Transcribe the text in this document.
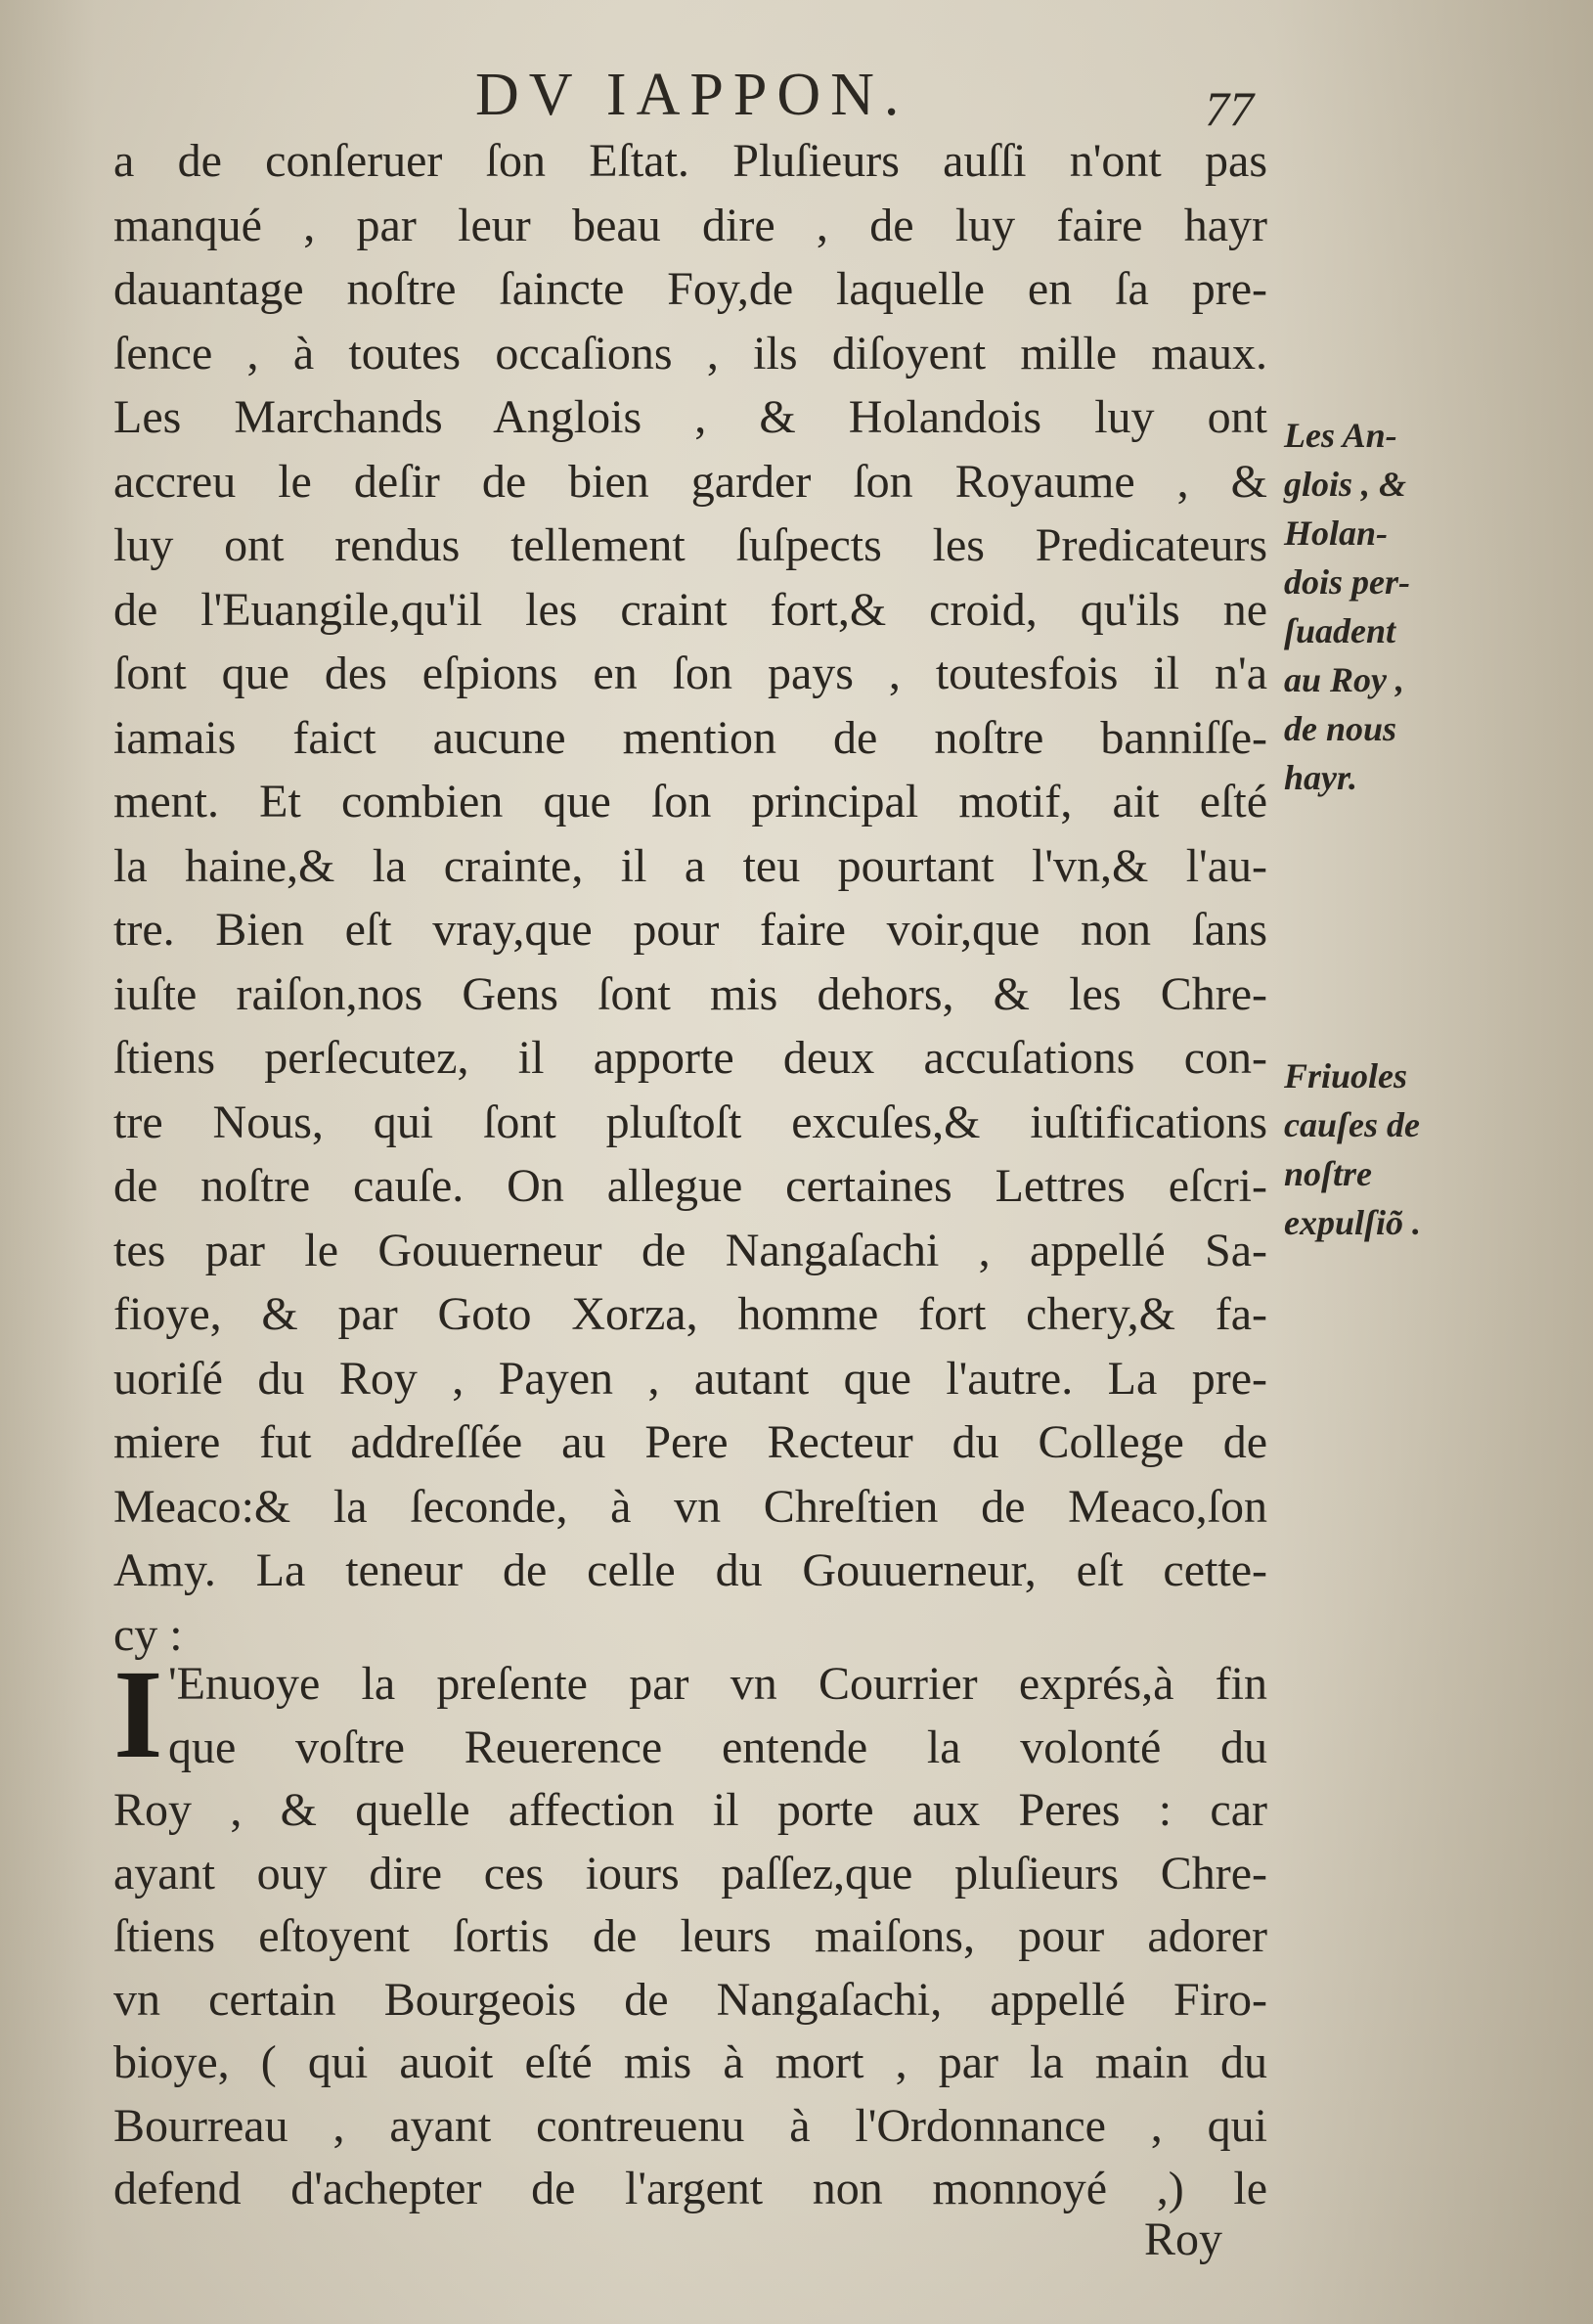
DV IAPPON.	77
a de conſeruer ſon Eſtat. Pluſieurs auſſi n'ont pas
manqué , par leur beau dire , de luy faire hayr
dauantage noſtre ſaincte Foy,de laquelle en ſa pre-
ſence , à toutes occaſions , ils diſoyent mille maux.
Les Marchands Anglois , & Holandois luy ont
accreu le deſir de bien garder ſon Royaume , &
luy ont rendus tellement ſuſpects les Predicateurs
de l'Euangile,qu'il les craint fort,& croid, qu'ils ne
ſont que des eſpions en ſon pays , toutesfois il n'a
iamais faict aucune mention de noſtre banniſſe-
ment. Et combien que ſon principal motif, ait eſté
la haine,& la crainte, il a teu pourtant l'vn,& l'au-
tre. Bien eſt vray,que pour faire voir,que non ſans
iuſte raiſon,nos Gens ſont mis dehors, & les Chre-
ſtiens perſecutez, il apporte deux accuſations con-
tre Nous, qui ſont pluſtoſt excuſes,& iuſtifications
de noſtre cauſe. On allegue certaines Lettres eſcri-
tes par le Gouuerneur de Nangaſachi , appellé Sa-
fioye, & par Goto Xorza, homme fort chery,& fa-
uoriſé du Roy , Payen , autant que l'autre. La pre-
miere fut addreſſée au Pere Recteur du College de
Meaco:& la ſeconde, à vn Chreſtien de Meaco,ſon
Amy. La teneur de celle du Gouuerneur, eſt cette-
cy :
I 'Enuoye la preſente par vn Courrier exprés,à fin
que voſtre Reuerence entende la volonté du
Roy , & quelle affection il porte aux Peres : car
ayant ouy dire ces iours paſſez,que pluſieurs Chre-
ſtiens eſtoyent ſortis de leurs maiſons, pour adorer
vn certain Bourgeois de Nangaſachi, appellé Firo-
bioye, ( qui auoit eſté mis à mort , par la main du
Bourreau , ayant contreuenu à l'Ordonnance , qui
defend d'achepter de l'argent non monnoyé ,) le
Roy
Les An-
glois , &
Holan-
dois per-
ſuadent
au Roy ,
de nous
hayr.
Friuoles
cauſes de
noſtre
expulſiõ .
